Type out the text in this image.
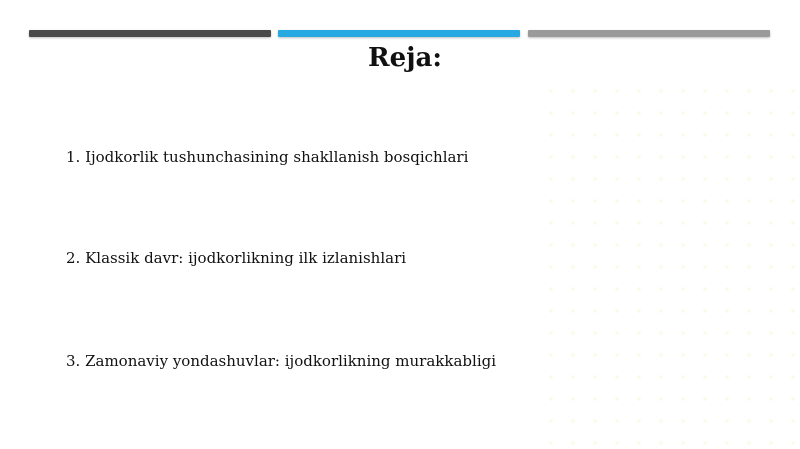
Reja:
1. Ijodkorlik tushunchasining shakllanish bosqichlari
2. Klassik davr: ijodkorlikning ilk izlanishlari
3. Zamonaviy yondashuvlar: ijodkorlikning murakkabligi
